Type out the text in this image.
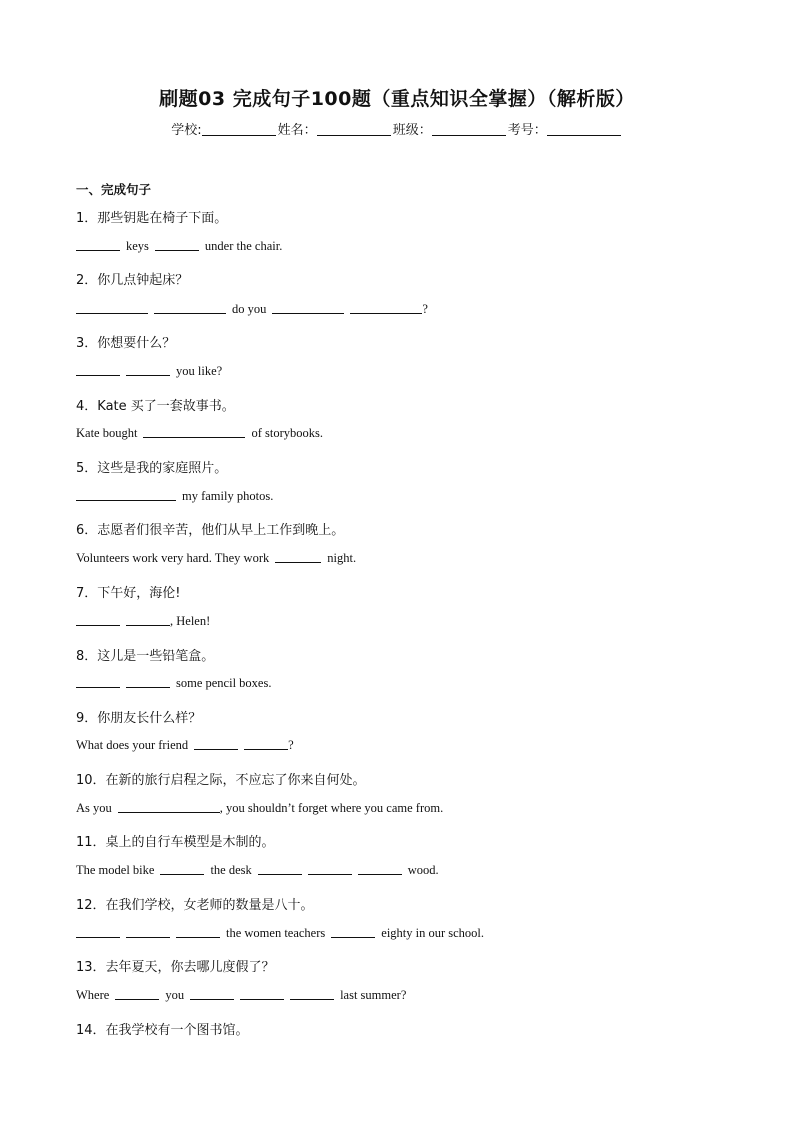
刷题03 完成句子100题（重点知识全掌握）（解析版）
学校:	姓名：	班级：	考号：
一、完成句子
1．那些钥匙在椅子下面。
keys	under the chair.
2．你几点钟起床？
do you	?
3．你想要什么？
you like?
4．Kate 买了一套故事书。
Kate bought	of storybooks.
5．这些是我的家庭照片。
my family photos.
6．志愿者们很辛苦，他们从早上工作到晚上。
Volunteers work very hard. They work	night.
7．下午好，海伦!
, Helen!
8．这儿是一些铅笔盒。
some pencil boxes.
9．你朋友长什么样？
What does your friend	?
10．在新的旅行启程之际，不应忘了你来自何处。
As you	, you shouldn’t forget where you came from.
11．桌上的自行车模型是木制的。
The model bike	the desk	wood.
12．在我们学校，女老师的数量是八十。
the women teachers	eighty in our school.
13．去年夏天，你去哪儿度假了？
Where	you	last summer?
14．在我学校有一个图书馆。
